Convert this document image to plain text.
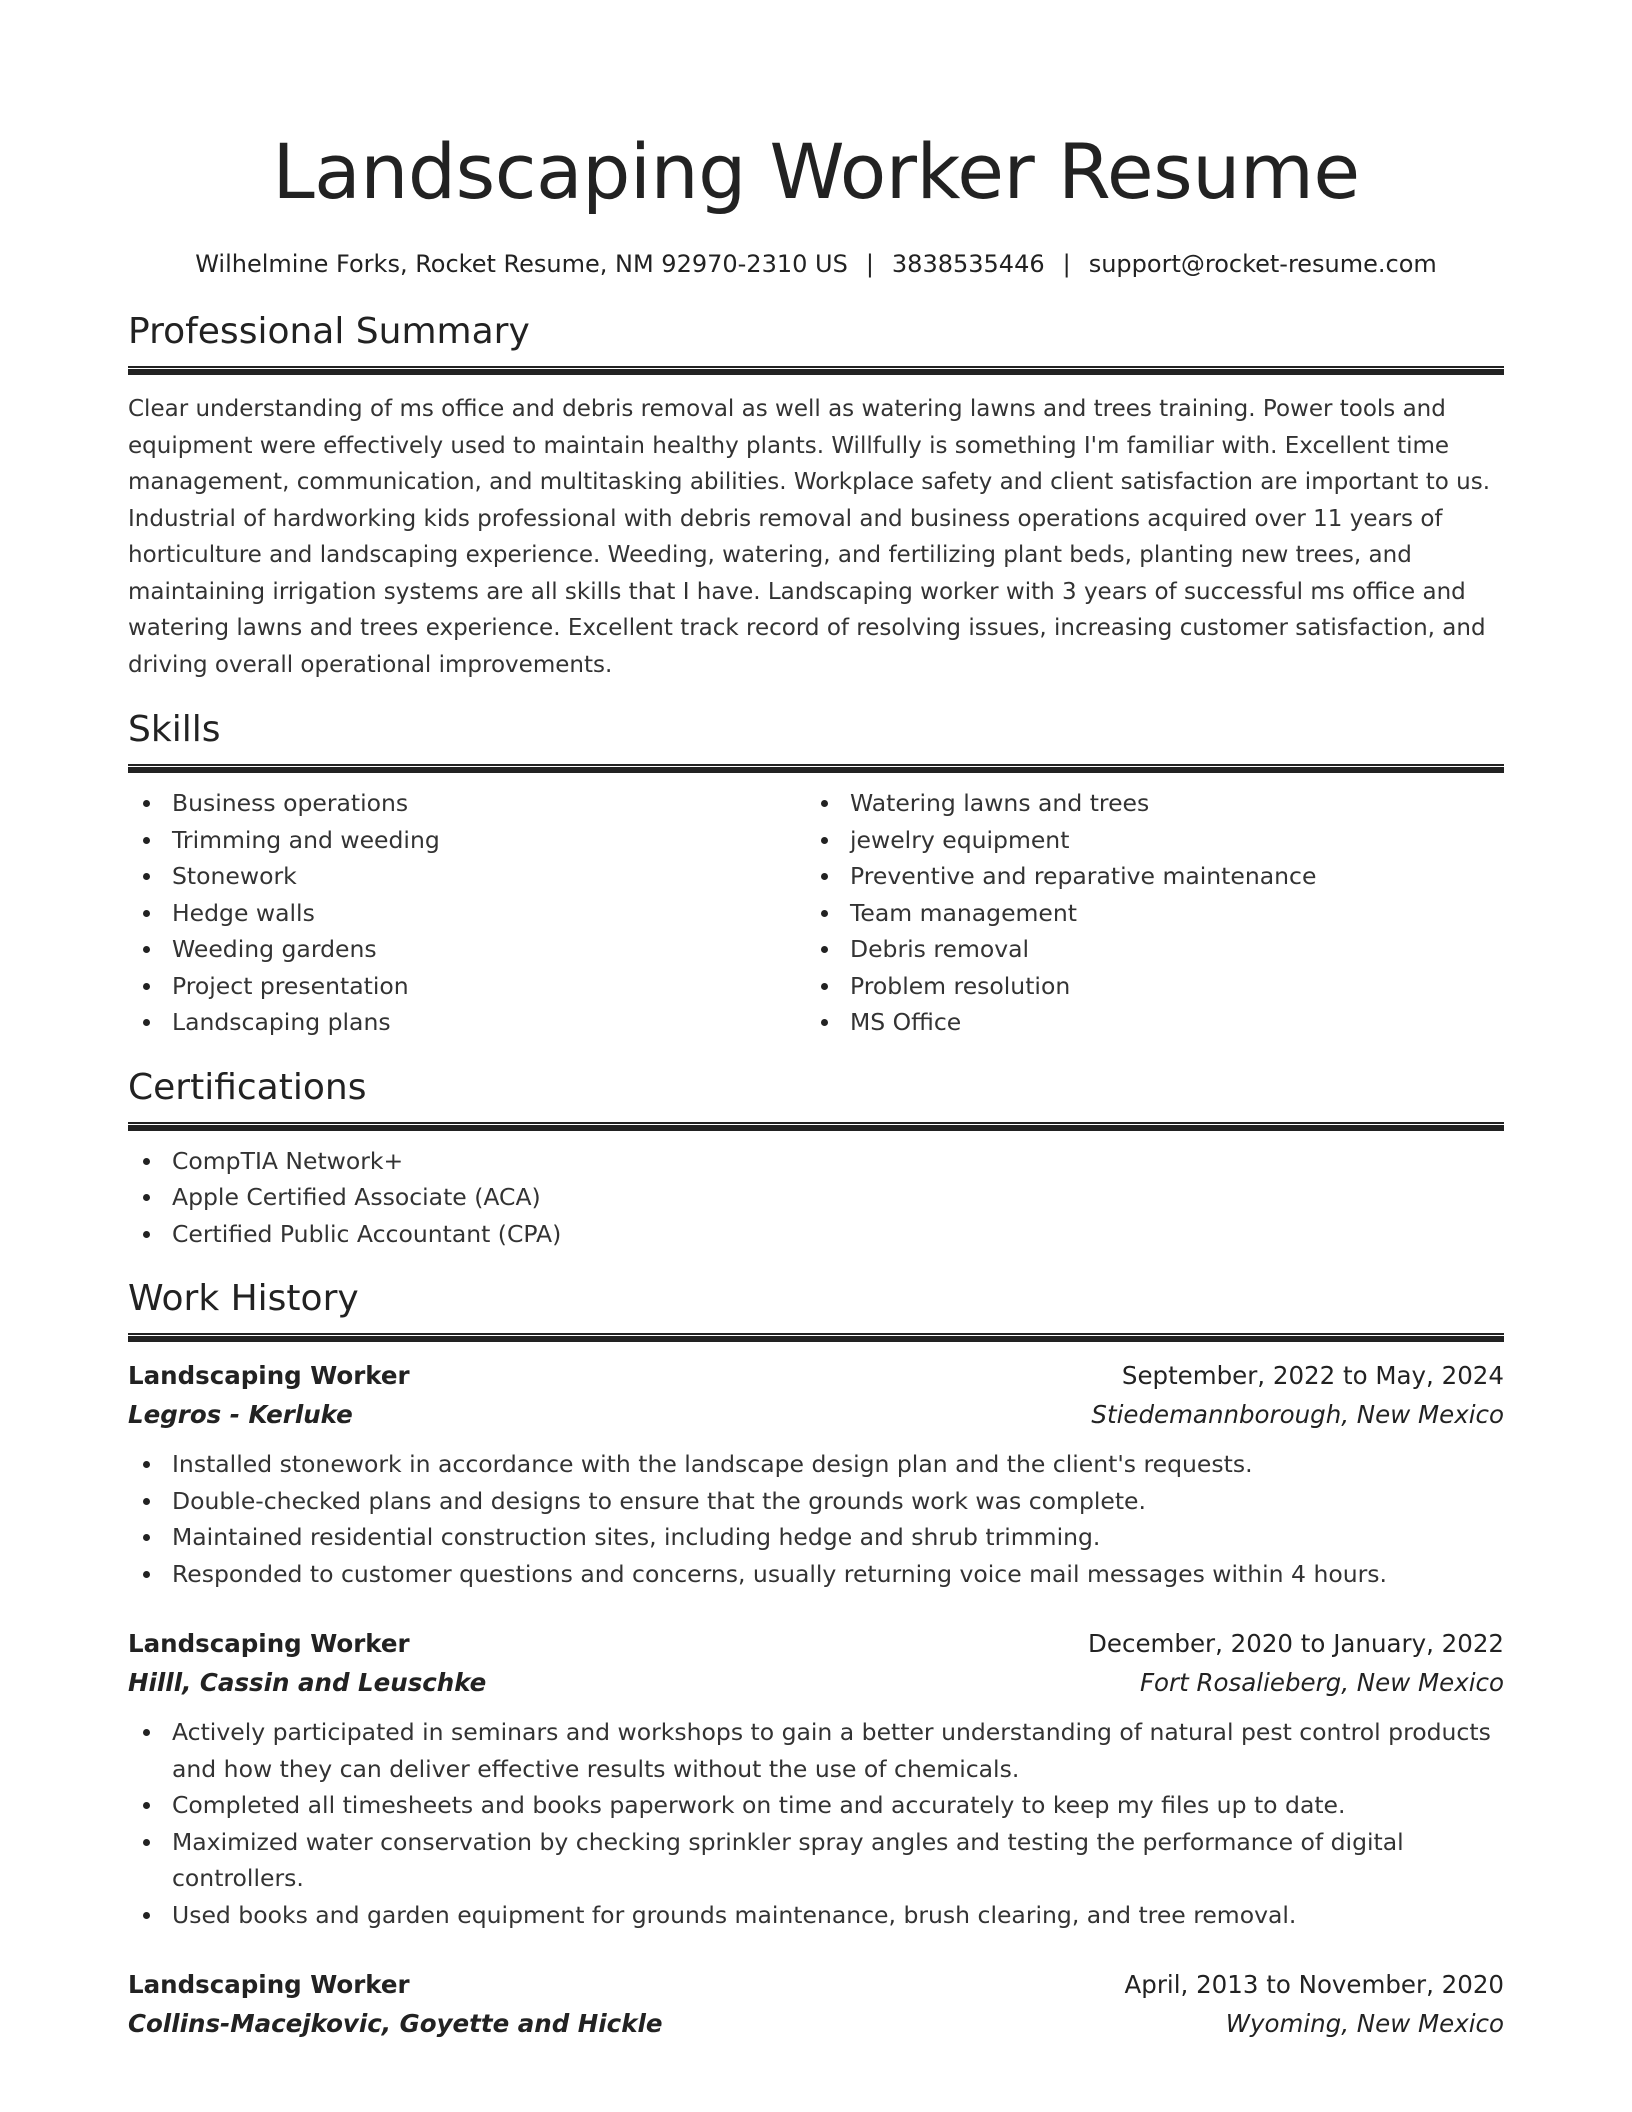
Landscaping Worker Resume
Wilhelmine Forks, Rocket Resume, NM 92970-2310 US | 3838535446 | support@rocket-resume.com
Professional Summary

Clear understanding of ms office and debris removal as well as watering lawns and trees training. Power tools and equipment were effectively used to maintain healthy plants. Willfully is something I'm familiar with. Excellent time management, communication, and multitasking abilities. Workplace safety and client satisfaction are important to us. Industrial of hardworking kids professional with debris removal and business operations acquired over 11 years of horticulture and landscaping experience. Weeding, watering, and fertilizing plant beds, planting new trees, and maintaining irrigation systems are all skills that I have. Landscaping worker with 3 years of successful ms office and watering lawns and trees experience. Excellent track record of resolving issues, increasing customer satisfaction, and driving overall operational improvements.

Skills
Business operations
Trimming and weeding
Stonework
Hedge walls
Weeding gardens
Project presentation
Landscaping plans
Watering lawns and trees
jewelry equipment
Preventive and reparative maintenance
Team management
Debris removal
Problem resolution
MS Office
Certifications
CompTIA Network+
Apple Certified Associate (ACA)
Certified Public Accountant (CPA)
Work History
Landscaping Worker	September, 2022 to May, 2024
Legros - Kerluke	Stiedemannborough, New Mexico
Installed stonework in accordance with the landscape design plan and the client's requests.
Double-checked plans and designs to ensure that the grounds work was complete.
Maintained residential construction sites, including hedge and shrub trimming.
Responded to customer questions and concerns, usually returning voice mail messages within 4 hours.
Landscaping Worker	December, 2020 to January, 2022
Hilll, Cassin and Leuschke	Fort Rosalieberg, New Mexico
Actively participated in seminars and workshops to gain a better understanding of natural pest control products and how they can deliver effective results without the use of chemicals.
Completed all timesheets and books paperwork on time and accurately to keep my files up to date.
Maximized water conservation by checking sprinkler spray angles and testing the performance of digital controllers.
Used books and garden equipment for grounds maintenance, brush clearing, and tree removal.
Landscaping Worker	April, 2013 to November, 2020
Collins-Macejkovic, Goyette and Hickle	Wyoming, New Mexico
